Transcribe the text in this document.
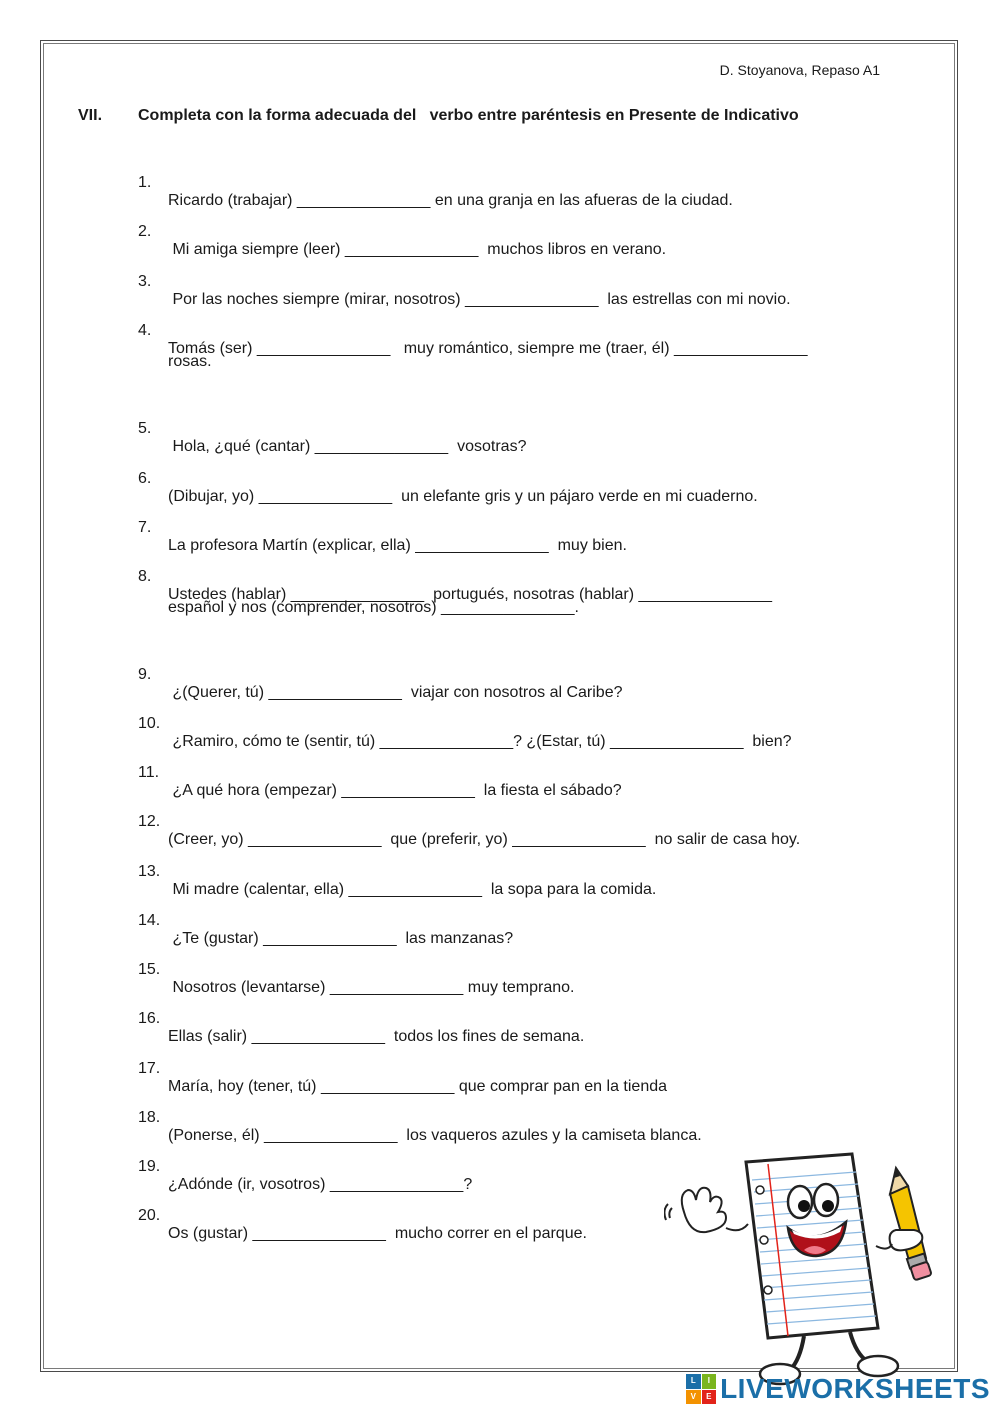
D. Stoyanova, Repaso A1
VII. Completa con la forma adecuada del   verbo entre paréntesis en Presente de Indicativo

1.

Ricardo (trabajar) _______________ en una granja en las afueras de la ciudad.

2.

Mi amiga siempre (leer) _______________  muchos libros en verano.

3.

Por las noches siempre (mirar, nosotros) _______________  las estrellas con mi novio.

4.

Tomás (ser) _______________   muy romántico, siempre me (traer, él) _______________

rosas.

5.

Hola, ¿qué (cantar) _______________  vosotras?

6.

(Dibujar, yo) _______________  un elefante gris y un pájaro verde en mi cuaderno.

7.

La profesora Martín (explicar, ella) _______________  muy bien.

8.

Ustedes (hablar) _______________  portugués, nosotras (hablar) _______________

español y nos (comprender, nosotros) _______________.

9.

¿(Querer, tú) _______________  viajar con nosotros al Caribe?

10.

¿Ramiro, cómo te (sentir, tú) _______________? ¿(Estar, tú) _______________  bien?

11.

¿A qué hora (empezar) _______________  la fiesta el sábado?

12.

(Creer, yo) _______________  que (preferir, yo) _______________  no salir de casa hoy.

13.

Mi madre (calentar, ella) _______________  la sopa para la comida.

14.

¿Te (gustar) _______________  las manzanas?

15.

Nosotros (levantarse) _______________ muy temprano.

16.

Ellas (salir) _______________  todos los fines de semana.

17.

María, hoy (tener, tú) _______________ que comprar pan en la tienda

18.

(Ponerse, él) _______________  los vaqueros azules y la camiseta blanca.

19.

¿Adónde (ir, vosotros) _______________?

20.

Os (gustar) _______________  mucho correr en el parque.

L	I
V	E LIVEWORKSHEETS
